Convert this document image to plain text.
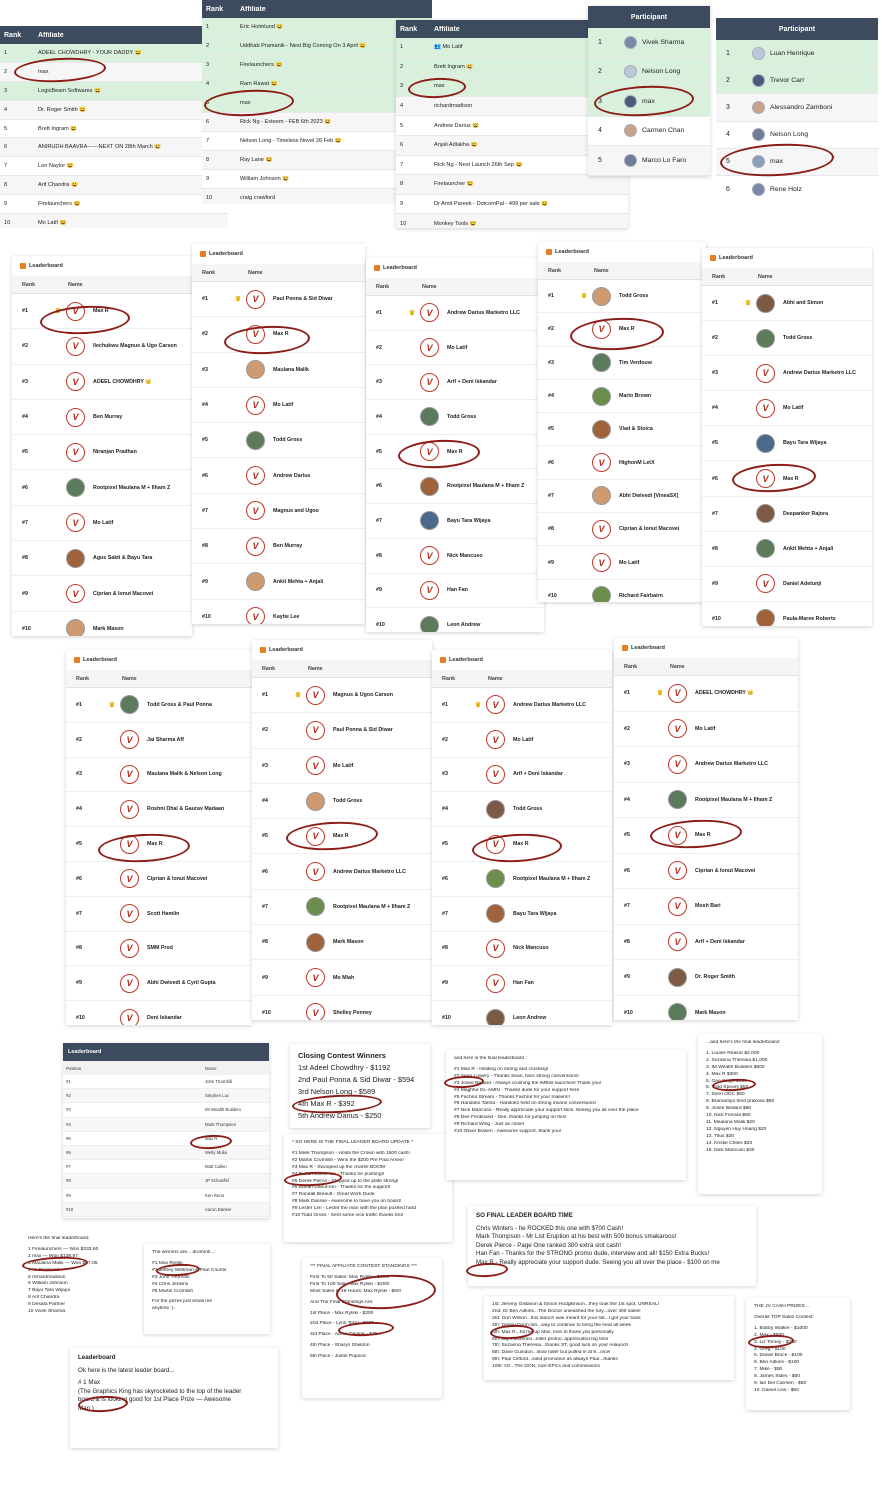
Rank	Affiliate
1	ADEEL CHOWDHRY - YOUR DADDY 😀
2	max
3	LogicBeam Softwares 😀
4	Dr. Roger Smith 😀
5	Brett Ingram 😀
6	ANIRUDH BAAVRA------NEXT ON 28th March 😀
7	Lon Naylor 😀
8	Arif Chandra 😀
9	Firelaunchers 😀
10	Mo Latif 😀
Rank	Affiliate
1	Eric Holmlund 😀
2	Uddhab Pramanik - Next Big Coming On 3 April 😀
3	Firelaunchers 😀
4	Ram Rawat 😀
5	max
6	Rick Ng - Esteem - FEB 6th 2023 😀
7	Nelson Long - Timeless Novel 26 Feb 😀
8	Ray Lane 😀
9	William Johnson 😀
10	craig crawford
Rank	Affiliate
1	👥 Mo Latif
2	Brett Ingram 😀
3	max
4	richardmadison
5	Andrew Darius 😀
6	Anjali Adlakha 😀
7	Rick Ng - Next Launch 26th Sep 😀
8	Firelauncher 😀
9	Dr Amit Pareek - DotcomPal - 499 per sale 😀
10	Monkey Tools 😀
Participant
1	Vivek Sharma
2	Nelson Long
3	max
4	Carmen Chan
5	Marco Lo Faro
Participant
1	Luan Henrique
2	Trevor Carr
3	Alessandro Zamboni
4	Nelson Long
5	max
6	Rene Holz
Leaderboard
Rank	Name
#1	♛	V	Max R
#2	V	Ilechukwu Magnus & Ugo Carson
#3	V	ADEEL CHOWDHRY 👑
#4	V	Ben Murray
#5	V	Niranjan Pradhan
#6	Rootpixel Maulana M + Ilham Z
#7	V	Mo Latif
#8	Agus Sakti & Bayu Tara
#9	V	Ciprian & Ionut Macovei
#10	Mark Mason
Leaderboard
Rank	Name
#1	♛	V	Paul Ponna & Sid Diwar
#2	V	Max R
#3	Maulana Malik
#4	V	Mo Latif
#5	Todd Gross
#6	V	Andrew Darius
#7	V	Magnus and Ugoo
#8	V	Ben Murray
#9	Ankit Mehta + Anjali
#10	V	Kaytie Lee
Leaderboard
Rank	Name
#1	♛	V	Andrew Darius Marketro LLC
#2	V	Mo Latif
#3	V	Arif + Deni Iskandar
#4	Todd Gross
#5	V	Max R
#6	Rootpixel Maulana M + Ilham Z
#7	Bayu Tara Wijaya
#8	V	Nick Mancuso
#9	V	Han Fan
#10	Leon Andrew
Leaderboard
Rank	Name
#1	♛	Todd Gross
#2	V	Max R
#3	Tim Verdouw
#4	Mario Brown
#5	Vlad & Stoica
#6	V	HighonM LetX
#7	Abhi Dwivedi [VineaSX]
#8	V	Ciprian & Ionut Macovei
#9	V	Mo Latif
#10	Richard Fairbairn
Leaderboard
Rank	Name
#1	♛	Abhi and Simon
#2	Todd Gross
#3	V	Andrew Darius Marketro LLC
#4	V	Mo Latif
#5	Bayu Tara Wijaya
#6	V	Max R
#7	Deepanker Rajora
#8	Ankit Mehta + Anjali
#9	V	Daniel Adetunji
#10	Paula-Maree Roberts
Leaderboard
Rank	Name
#1	♛	Todd Gross & Paul Ponna
#2	V	Jai Sharma Aff
#3	V	Maulana Malik & Nelson Long
#4	V	Roshni Dhal & Gaurav Madaan
#5	V	Max R
#6	V	Ciprian & Ionut Macovei
#7	V	Scott Hamlin
#8	V	SMM Prod
#9	V	Abhi Dwivedi & Cyril Gupta
#10	V	Deni Iskandar
Leaderboard
Rank	Name
#1	♛	V	Magnus & Ugoo Carson
#2	V	Paul Ponna & Sid Diwar
#3	V	Mo Latif
#4	Todd Gross
#5	V	Max R
#6	V	Andrew Darius Marketro LLC
#7	Rootpixel Maulana M + Ilham Z
#8	Mark Mason
#9	V	Mo Miah
#10	V	Shelley Penney
Leaderboard
Rank	Name
#1	♛	V	Andrew Darius Marketro LLC
#2	V	Mo Latif
#3	V	Arif + Deni Iskandar
#4	Todd Gross
#5	V	Max R
#6	Rootpixel Maulana M + Ilham Z
#7	Bayu Tara Wijaya
#8	V	Nick Mancuso
#9	V	Han Fan
#10	Leon Andrew
Leaderboard
Rank	Name
#1	♛	V	ADEEL CHOWDHRY 👑
#2	V	Mo Latif
#3	V	Andrew Darius Marketro LLC
#4	Rootpixel Maulana M + Ilham Z
#5	V	Max R
#6	V	Ciprian & Ionut Macovei
#7	V	Mosh Bari
#8	V	Arif + Deni Iskandar
#9	Dr. Roger Smith
#10	Mark Mason
Leaderboard
Position	Name
#1	John Thornhill
#2	Stephen Luc
#3	IM Wealth Builders
#4	Mark Thompson
#5	Max R
#6	Welly Mulia
#7	Matt Callen
#8	JP Schoeffel
#9	Ken Reno
#10	Aaron Danker
Closing Contest Winners
1st Adeel Chowdhry - $1192
2nd Paul Ponna & Sid Diwar - $594
3rd Nelson Long - $589
4th Max R - $392
5th Andrew Darius - $250
* SO HERE IS THE FINAL LEADER BOARD UPDATE *
#1 Mark Thompson - Holds the Crown with 1500 cash!
#2 Martin Crumlish - Wins the $200 Pre Paid Amex!
#3 Max R - Swooped up the charts! BOOM
#4 Burlan Danut-Ion - Thanks for pushing!!
#5 Derek Pierce - Stepped up to the plate strong!
#6 Burlan Danut-Ion - Thanks for the support!
#7 Randall Breault - Great Work Dude
#8 Mark Dulisse - Awesome to have you on board!
#9 Lester Lim - Lester the man with the plan pushed hard
#10 Todd Gross - Sent some nice traffic thanks bro!
and here is the final leaderboard :
#1 Max R - Holding on strong and crushing!
#2 Sean Lowery - Thanks Sean, Nice strong conversions!
#3 Josee Bedard - Always crushing the IMBoll launches! Thank you!
#4 Maghfur EL-AMIN - Thanks dude for your support here
#5 Fachrul Stream - Thanks Fachrul for your mailers!!
#6 Handoko Tantra - Handoko held on strong insane conversions!
#7 Nick Mancuso - Really appreciate your support Nick. Seeing you all over the place
#8 Dee Ferdinand - Dee, thanks for jumping on this!
#9 Richard Wing - Just as close!
#10 Oliver Bowen - Awesome support, thank you!
...and here's the final leaderboard:
1. Louise Reasor $2,000
2. Suzanna Theresia $1,000
3. IM Wealth Builders $600
4. Max R $300
5. Gee Singh $150
6. Todd Spears $50
7. Sorin ODC $50
8. Bramantya ferid prakosa $50
9. Josee Bedard $50
10. Nick Ferrara $50
11. Maulana Malik $20
12. Nguyen Huy Hoang $20
13. Titus $20
14. Kristie Chiles $20
15. Nick Mancuso $20
SO FINAL LEADER BOARD TIME
Chris Winters - he ROCKED this one with $700 Cash!
Mark Thompson - Mr List Eruption at his best with 500 bonus smakaroos!
Derek Pierce - Page One ranked 300 extra slot cash!
Han Fan - Thanks for the STRONG promo dude, interview and all! $150 Extra Bucks!
Max R - Really appreciate your support dude. Seeing you all over the place - $100 on me
Here's the final leaderboard:
1 Firelaunchers — Won $333.60
2 max — Won $138.97
3 Maulana Malik — Won $97.05
4 Ali Blackwell
5 richardmadison
6 William Johnson
7 Bayu Tara Wijaya
8 Arif Chandra
9 Desafa Partner
10 Vivek Sharma
The winners are... drumroll...:
#1 Max Rylski
#2 Jeffrey Wellman & Paul Counts
#3 John Thornhill
#4 Chris Jenkins
#5 Martin Crumlish
For the prizes just email me
anytime :).
*** FINAL AFFILIATE CONTEST STANDINGS ***
First To 50 Sales: Max Rylski - $100!
First To 100 Sale: Max Rylski - $200!
Most Sales In 48 Hours: Max Rylski - $50!
And The Final Standings Are:
1st Place - Max Rylski - $300
2nd Place - Lynn Terry - $150
3rd Place - Aaron Danker - $75
4th Place - Sharyn Sheldon
5th Place - Justin Popovic
1st: Jeremy Gislason & Simon Hodgkinson...they took the 1st spot, UNREAL!
2nd: Dr Ben Adkins...The Doctor unleashed the fury...over 400 sales!
3rd: Don Wilson...this launch was meant for your list...I got your back
4th: Danny Dunn-Ion...way to continue to bring the heat all week
5th: Max R...hit me up Max, love to thank you personally
6th: Jay Passerino...killer promo, appreciated big time
7th: Suzanna Theresia...thanks ST, good luck on your relaunch
8th: Dave Guindon...slow roller but pulled in at 8...nice!
9th: Paul Clifford...solid promotion as always Paul...thanks
10th: Oz...The DON, nice EPCs and commissions
THE JV CASH PRIZES ..
Overall TOP Sales Contest:
1. Bobby Walker - $1000
2. Max - $500
3. Liz Tomey - $250
4. Greg - $100
5. Daniel Brock - $100
6. Ben Adkins - $100
7. Mike - $50
8. James Sides - $50
9. Ian Del Carmen - $50
10. Daniel Lew - $50
Leaderboard
Ok here is the latest leader board...
# 1 Max
(The Graphics King has skyrocketed to the top of the leader
board & is looking good for 1st Place Prize — Awesome
Man )
